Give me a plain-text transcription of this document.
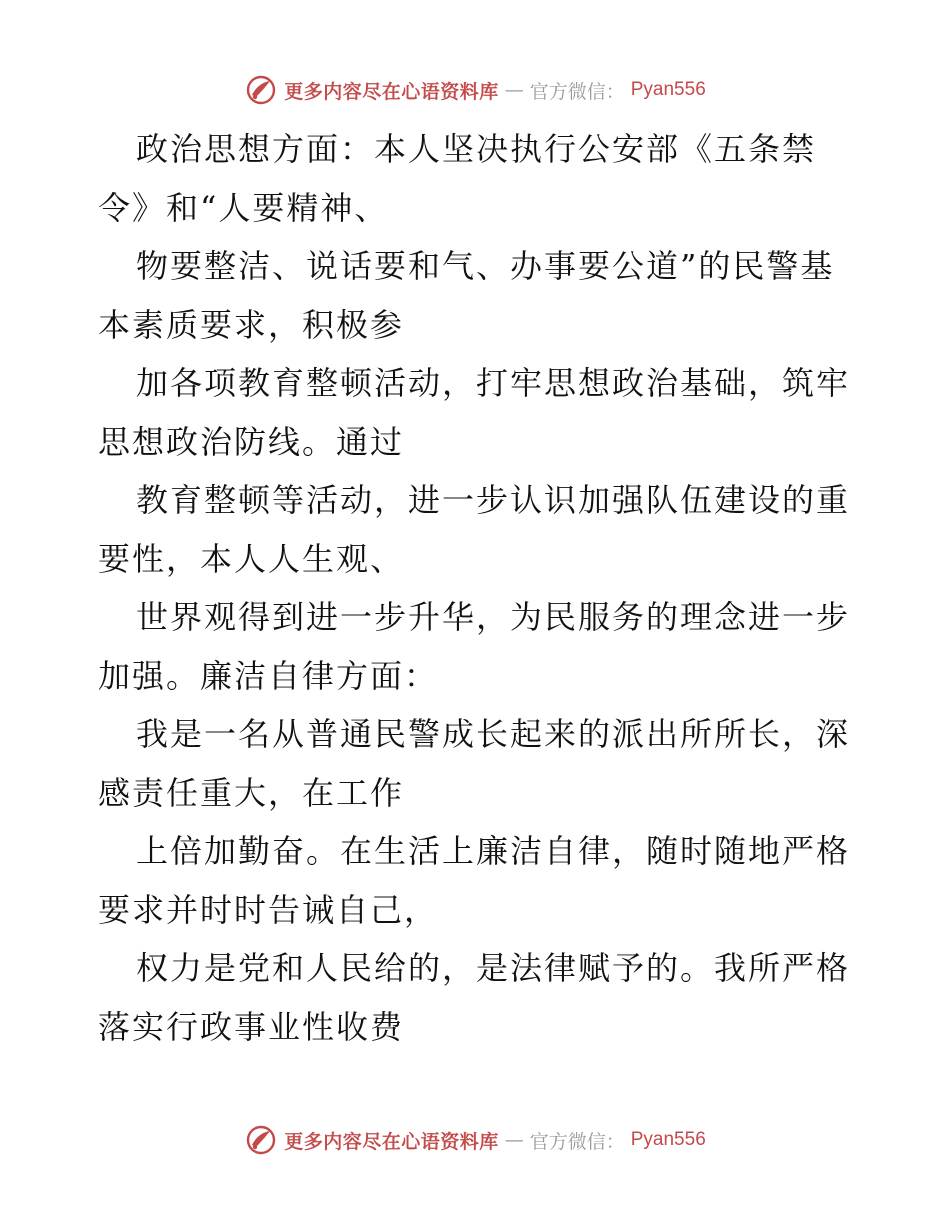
更多内容尽在心语资料库 — 官方微信： Pyan556
政治思想方面：本人坚决执行公安部《五条禁
令》和“人要精神、
物要整洁、说话要和气、办事要公道”的民警基
本素质要求，积极参
加各项教育整顿活动，打牢思想政治基础，筑牢
思想政治防线。通过
教育整顿等活动，进一步认识加强队伍建设的重
要性，本人人生观、
世界观得到进一步升华，为民服务的理念进一步
加强。廉洁自律方面：
我是一名从普通民警成长起来的派出所所长，深
感责任重大，在工作
上倍加勤奋。在生活上廉洁自律，随时随地严格
要求并时时告诫自己，
权力是党和人民给的，是法律赋予的。我所严格
落实行政事业性收费
更多内容尽在心语资料库 — 官方微信： Pyan556
